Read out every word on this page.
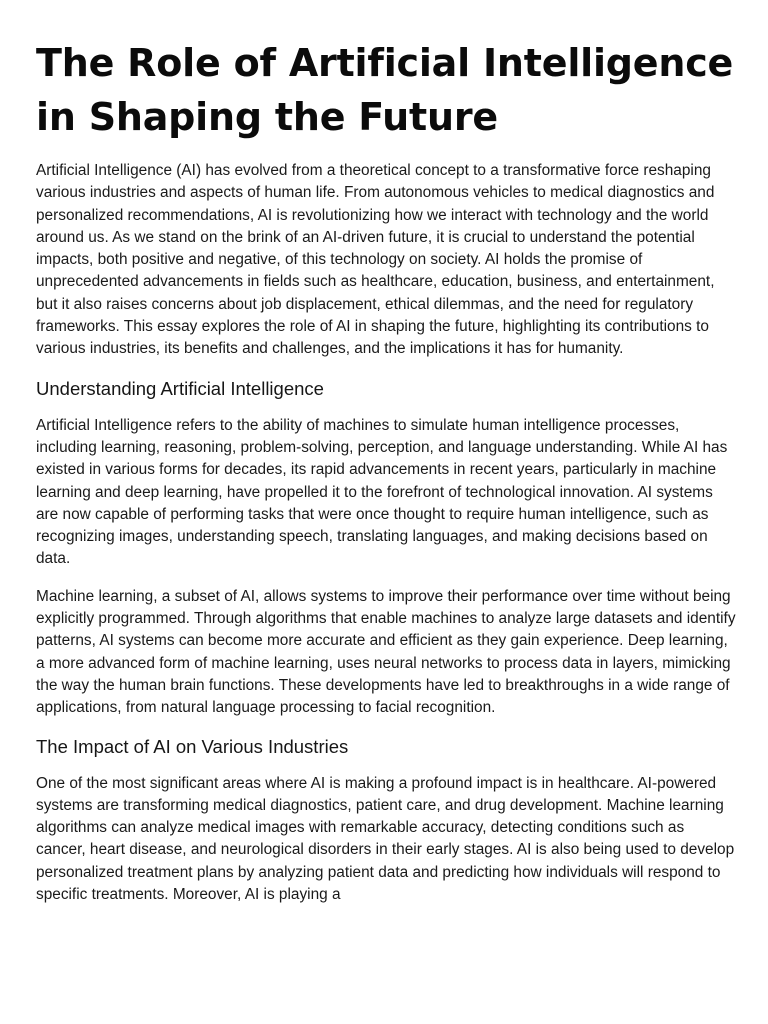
The Role of Artificial Intelligence in Shaping the Future

Artificial Intelligence (AI) has evolved from a theoretical concept to a transformative force reshaping various industries and aspects of human life. From autonomous vehicles to medical diagnostics and personalized recommendations, AI is revolutionizing how we interact with technology and the world around us. As we stand on the brink of an AI-driven future, it is crucial to understand the potential impacts, both positive and negative, of this technology on society. AI holds the promise of unprecedented advancements in fields such as healthcare, education, business, and entertainment, but it also raises concerns about job displacement, ethical dilemmas, and the need for regulatory frameworks. This essay explores the role of AI in shaping the future, highlighting its contributions to various industries, its benefits and challenges, and the implications it has for humanity.

Understanding Artificial Intelligence

Artificial Intelligence refers to the ability of machines to simulate human intelligence processes, including learning, reasoning, problem-solving, perception, and language understanding. While AI has existed in various forms for decades, its rapid advancements in recent years, particularly in machine learning and deep learning, have propelled it to the forefront of technological innovation. AI systems are now capable of performing tasks that were once thought to require human intelligence, such as recognizing images, understanding speech, translating languages, and making decisions based on data.

Machine learning, a subset of AI, allows systems to improve their performance over time without being explicitly programmed. Through algorithms that enable machines to analyze large datasets and identify patterns, AI systems can become more accurate and efficient as they gain experience. Deep learning, a more advanced form of machine learning, uses neural networks to process data in layers, mimicking the way the human brain functions. These developments have led to breakthroughs in a wide range of applications, from natural language processing to facial recognition.

The Impact of AI on Various Industries

One of the most significant areas where AI is making a profound impact is in healthcare. AI-powered systems are transforming medical diagnostics, patient care, and drug development. Machine learning algorithms can analyze medical images with remarkable accuracy, detecting conditions such as cancer, heart disease, and neurological disorders in their early stages. AI is also being used to develop personalized treatment plans by analyzing patient data and predicting how individuals will respond to specific treatments. Moreover, AI is playing a
